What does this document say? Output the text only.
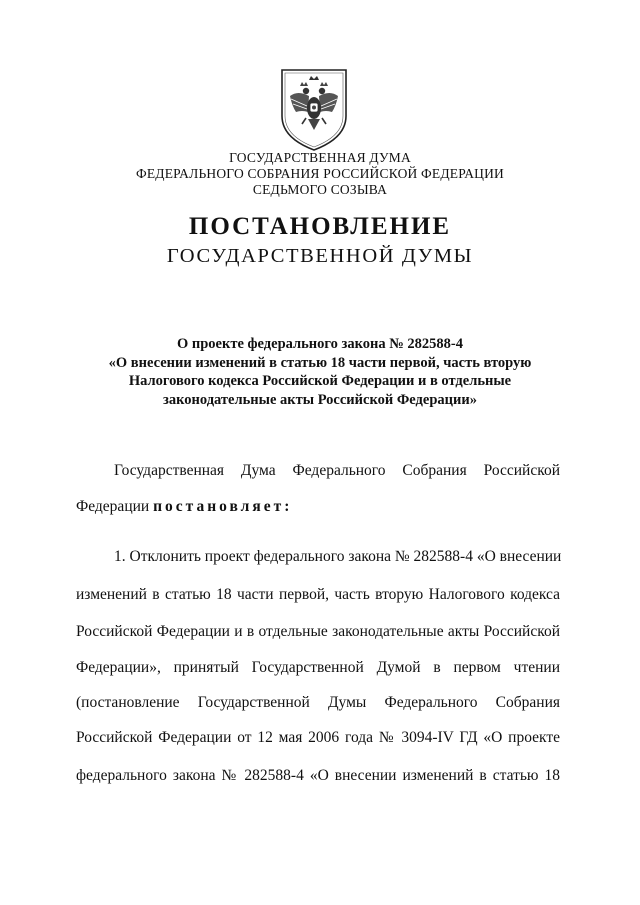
ГОСУДАРСТВЕННАЯ ДУМА
ФЕДЕРАЛЬНОГО СОБРАНИЯ РОССИЙСКОЙ ФЕДЕРАЦИИ
СЕДЬМОГО СОЗЫВА
ПОСТАНОВЛЕНИЕ
ГОСУДАРСТВЕННОЙ ДУМЫ
О проекте федерального закона № 282588-4
«О внесении изменений в статью 18 части первой, часть вторую
Налогового кодекса Российской Федерации и в отдельные
законодательные акты Российской Федерации»
Государственная Дума Федерального Собрания Российской
Федерации постановляет:
1. Отклонить проект федерального закона № 282588-4 «О внесении
изменений в статью 18 части первой, часть вторую Налогового кодекса
Российской Федерации и в отдельные законодательные акты Российской
Федерации», принятый Государственной Думой в первом чтении
(постановление Государственной Думы Федерального Собрания
Российской Федерации от 12 мая 2006 года № 3094-IV ГД «О проекте
федерального закона № 282588-4 «О внесении изменений в статью 18
